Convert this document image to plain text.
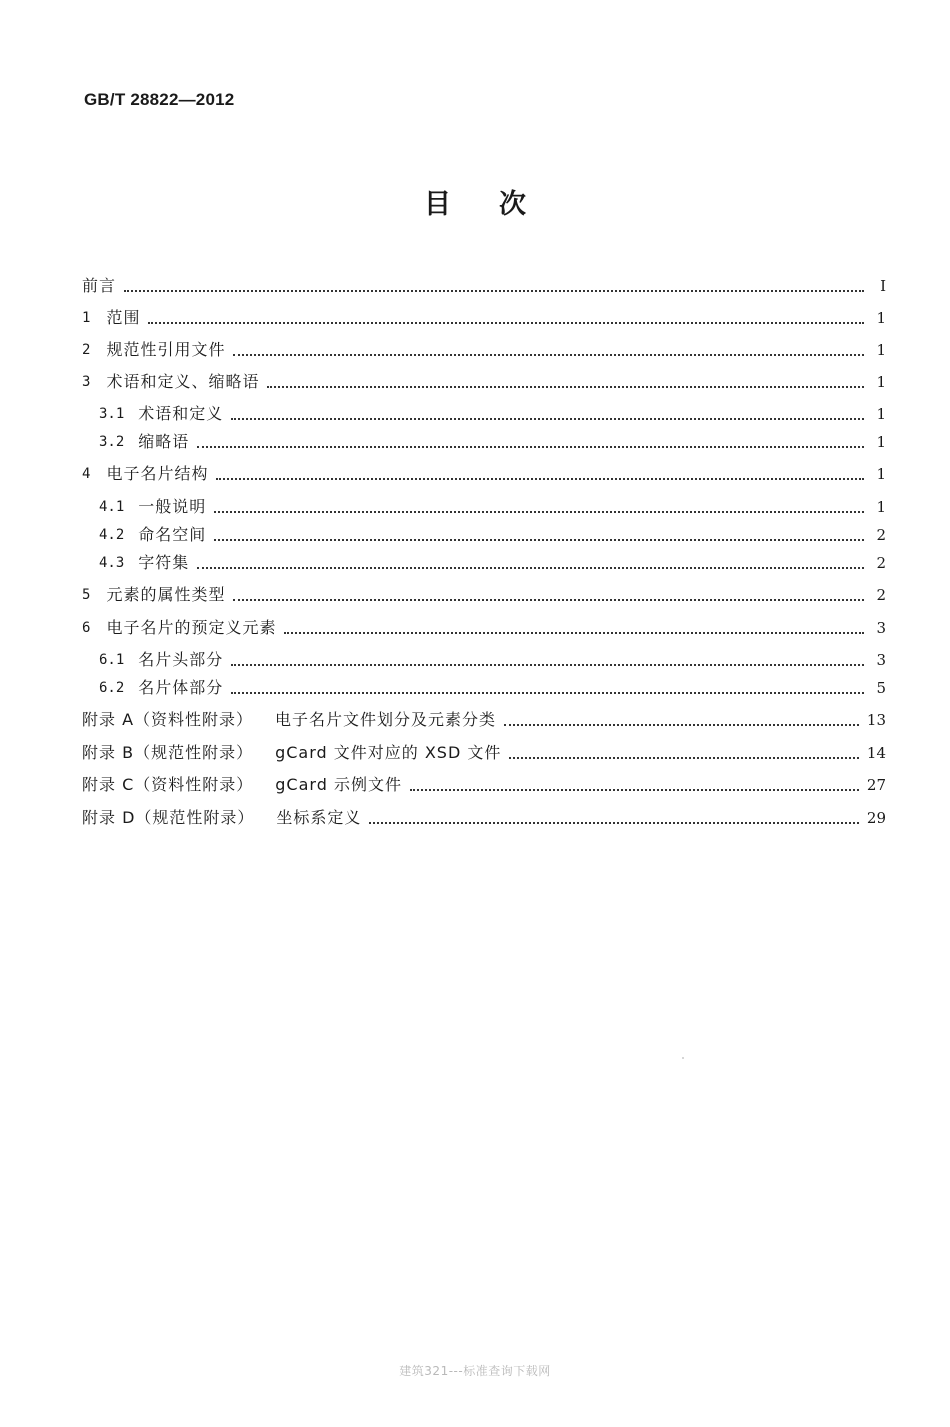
GB/T 28822—2012
目次
前言	Ⅰ
1 范围	1
2 规范性引用文件	1
3 术语和定义、缩略语	1
3.1 术语和定义	1
3.2 缩略语	1
4 电子名片结构	1
4.1 一般说明	1
4.2 命名空间	2
4.3 字符集	2
5 元素的属性类型	2
6 电子名片的预定义元素	3
6.1 名片头部分	3
6.2 名片体部分	5
附录 A（资料性附录） 电子名片文件划分及元素分类	13
附录 B（规范性附录） gCard 文件对应的 XSD 文件	14
附录 C（资料性附录） gCard 示例文件	27
附录 D（规范性附录） 坐标系定义	29
建筑321---标准查询下载网
